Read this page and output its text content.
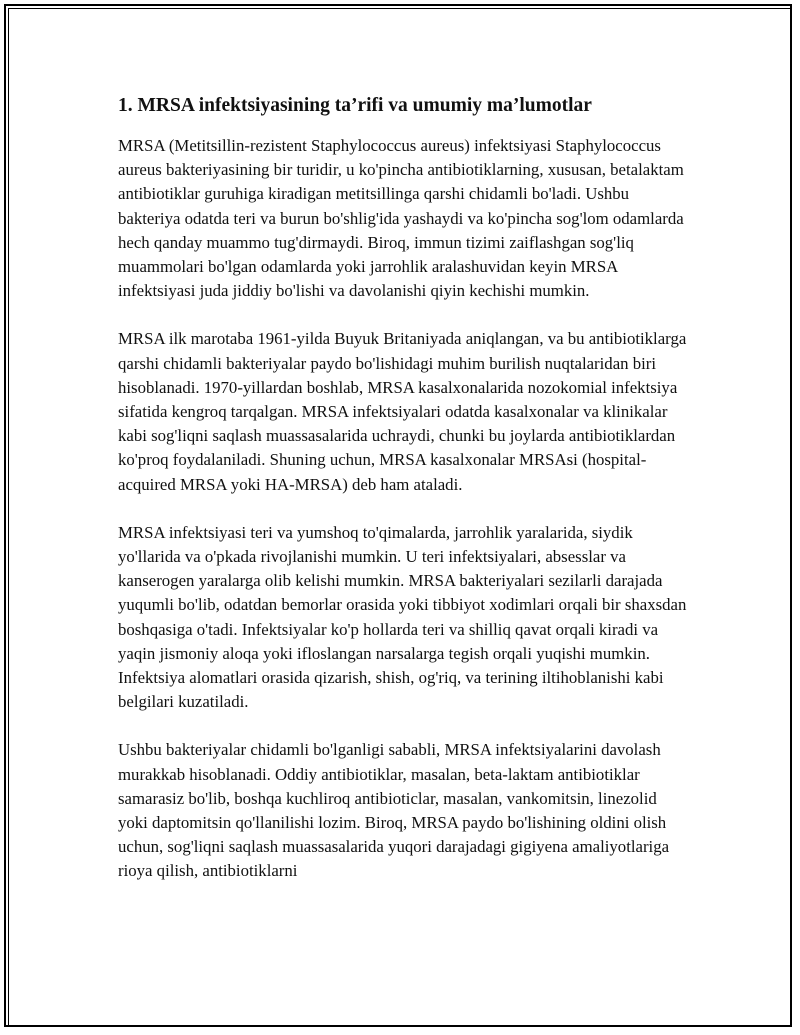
1. MRSA infektsiyasining ta’rifi va umumiy ma’lumotlar

MRSA (Metitsillin-rezistent Staphylococcus aureus) infektsiyasi Staphylococcus aureus bakteriyasining bir turidir, u ko'pincha antibiotiklarning, xususan, betalaktam antibiotiklar guruhiga kiradigan metitsillinga qarshi chidamli bo'ladi. Ushbu bakteriya odatda teri va burun bo'shlig'ida yashaydi va ko'pincha sog'lom odamlarda hech qanday muammo tug'dirmaydi. Biroq, immun tizimi zaiflashgan sog'liq muammolari bo'lgan odamlarda yoki jarrohlik aralashuvidan keyin MRSA infektsiyasi juda jiddiy bo'lishi va davolanishi qiyin kechishi mumkin.

MRSA ilk marotaba 1961-yilda Buyuk Britaniyada aniqlangan, va bu antibiotiklarga qarshi chidamli bakteriyalar paydo bo'lishidagi muhim burilish nuqtalaridan biri hisoblanadi. 1970-yillardan boshlab, MRSA kasalxonalarida nozokomial infektsiya sifatida kengroq tarqalgan. MRSA infektsiyalari odatda kasalxonalar va klinikalar kabi sog'liqni saqlash muassasalarida uchraydi, chunki bu joylarda antibiotiklardan ko'proq foydalaniladi. Shuning uchun, MRSA kasalxonalar MRSAsi (hospital-acquired MRSA yoki HA-MRSA) deb ham ataladi.

MRSA infektsiyasi teri va yumshoq to'qimalarda, jarrohlik yaralarida, siydik yo'llarida va o'pkada rivojlanishi mumkin. U teri infektsiyalari, absesslar va kanserogen yaralarga olib kelishi mumkin. MRSA bakteriyalari sezilarli darajada yuqumli bo'lib, odatdan bemorlar orasida yoki tibbiyot xodimlari orqali bir shaxsdan boshqasiga o'tadi. Infektsiyalar ko'p hollarda teri va shilliq qavat orqali kiradi va yaqin jismoniy aloqa yoki ifloslangan narsalarga tegish orqali yuqishi mumkin. Infektsiya alomatlari orasida qizarish, shish, og'riq, va terining iltihoblanishi kabi belgilari kuzatiladi.

Ushbu bakteriyalar chidamli bo'lganligi sababli, MRSA infektsiyalarini davolash murakkab hisoblanadi. Oddiy antibiotiklar, masalan, beta-laktam antibiotiklar samarasiz bo'lib, boshqa kuchliroq antibioticlar, masalan, vankomitsin, linezolid yoki daptomitsin qo'llanilishi lozim. Biroq, MRSA paydo bo'lishining oldini olish uchun, sog'liqni saqlash muassasalarida yuqori darajadagi gigiyena amaliyotlariga rioya qilish, antibiotiklarni
